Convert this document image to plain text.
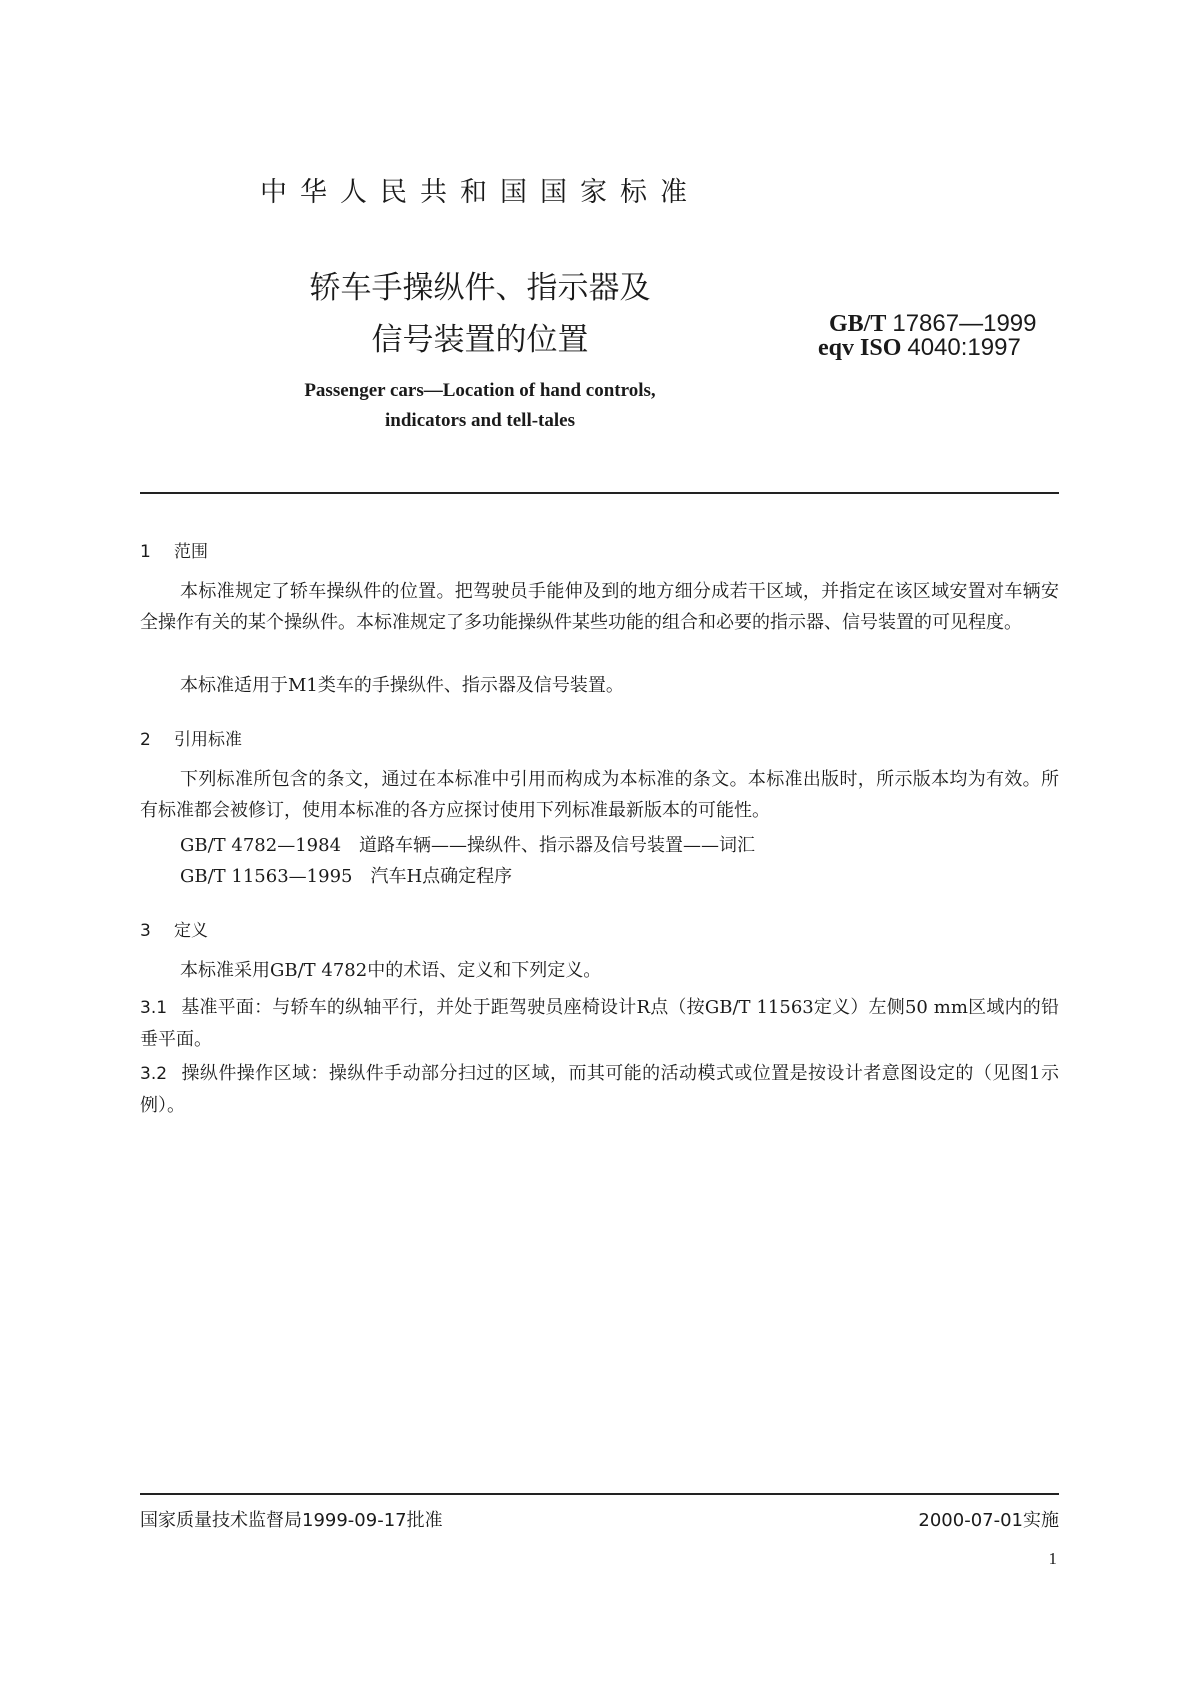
中华人民共和国国家标准
轿车手操纵件、指示器及
信号装置的位置	GB/T 17867—1999
eqv ISO 4040:1997
Passenger cars—Location of hand controls,
indicators and tell-tales
1 范围
本标准规定了轿车操纵件的位置。把驾驶员手能伸及到的地方细分成若干区域，并指定在该区域安置对车辆安全操作有关的某个操纵件。本标准规定了多功能操纵件某些功能的组合和必要的指示器、信号装置的可见程度。
本标准适用于M1类车的手操纵件、指示器及信号装置。
2 引用标准
下列标准所包含的条文，通过在本标准中引用而构成为本标准的条文。本标准出版时，所示版本均为有效。所有标准都会被修订，使用本标准的各方应探讨使用下列标准最新版本的可能性。
GB/T 4782—1984 道路车辆——操纵件、指示器及信号装置——词汇
GB/T 11563—1995 汽车H点确定程序
3 定义
本标准采用GB/T 4782中的术语、定义和下列定义。
3.1 基准平面：与轿车的纵轴平行，并处于距驾驶员座椅设计R点（按GB/T 11563定义）左侧50 mm区域内的铅垂平面。
3.2 操纵件操作区域：操纵件手动部分扫过的区域，而其可能的活动模式或位置是按设计者意图设定的（见图1示例）。
国家质量技术监督局1999-09-17批准	2000-07-01实施
1
